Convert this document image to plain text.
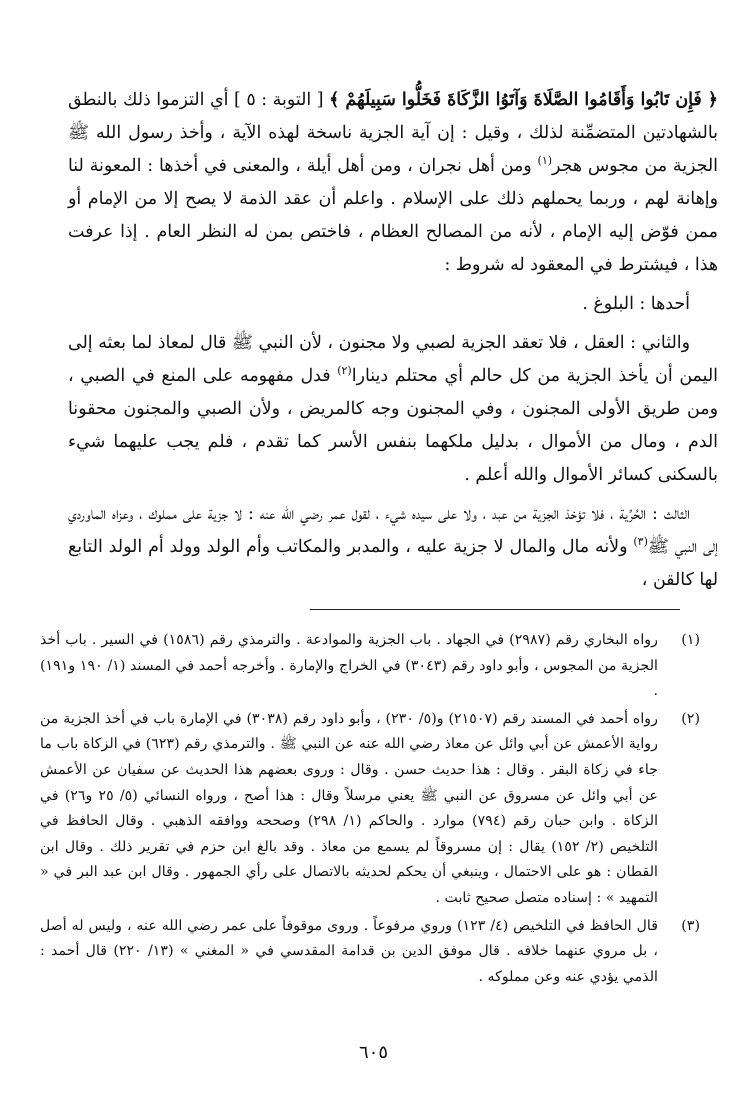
﴿ فَإِن تَابُوا وَأَقَامُوا الصَّلَاةَ وَآتَوُا الزَّكَاةَ فَخَلُّوا سَبِيلَهُمْ ﴾ [ التوبة : ٥ ] أي التزموا ذلك بالنطق بالشهادتين المتضمِّنة لذلك ، وقيل : إن آية الجزية ناسخة لهذه الآية ، وأخذ رسول الله ﷺ الجزية من مجوس هجر$^{(١)}$ ومن أهل نجران ، ومن أهل أيلة ، والمعنى في أخذها : المعونة لنا وإهانة لهم ، وربما يحملهم ذلك على الإسلام . واعلم أن عقد الذمة لا يصح إلا من الإمام أو ممن فوّض إليه الإمام ، لأنه من المصالح العظام ، فاختص بمن له النظر العام . إذا عرفت هذا ، فيشترط في المعقود له شروط :

أحدها : البلوغ .

والثاني : العقل ، فلا تعقد الجزية لصبي ولا مجنون ، لأن النبي ﷺ قال لمعاذ لما بعثه إلى اليمن أن يأخذ الجزية من كل حالم أي محتلم دينارا$^{(٢)}$ فدل مفهومه على المنع في الصبي ، ومن طريق الأولى المجنون ، وفي المجنون وجه كالمريض ، ولأن الصبي والمجنون محقونا الدم ، ومال من الأموال ، بدليل ملكهما بنفس الأسر كما تقدم ، فلم يجب عليهما شيء بالسكنى كسائر الأموال والله أعلم .

الثالث : الحُرِّية ، فلا تؤخذ الجزية من عبد ، ولا على سيده شيء ، لقول عمر رضي الله عنه : لا جزية على مملوك ، وعزاه الماوردي إلى النبي ﷺ$^{(٣)}$ ولأنه مال والمال لا جزية عليه ، والمدبر والمكاتب وأم الولد وولد أم الولد التابع لها كالقن ،

(١)
رواه البخاري رقم (٢٩٨٧) في الجهاد . باب الجزية والموادعة . والترمذي رقم (١٥٨٦) في السير . باب أخذ الجزية من المجوس ، وأبو داود رقم (٣٠٤٣) في الخراج والإمارة . وأخرجه أحمد في المسند (١/ ١٩٠ و١٩١) .
(٢)
رواه أحمد في المسند رقم (٢١٥٠٧) و(٥/ ٢٣٠) ، وأبو داود رقم (٣٠٣٨) في الإمارة باب في أخذ الجزية من رواية الأعمش عن أبي وائل عن معاذ رضي الله عنه عن النبي ﷺ . والترمذي رقم (٦٢٣) في الزكاة باب ما جاء في زكاة البقر . وقال : هذا حديث حسن . وقال : وروى بعضهم هذا الحديث عن سفيان عن الأعمش عن أبي وائل عن مسروق عن النبي ﷺ يعني مرسلاً وقال : هذا أصح ، ورواه النسائي (٥/ ٢٥ و٢٦) في الزكاة . وابن حبان رقم (٧٩٤) موارد . والحاكم (١/ ٢٩٨) وصححه ووافقه الذهبي . وقال الحافظ في التلخيص (٢/ ١٥٢) يقال : إن مسروقاً لم يسمع من معاذ . وقد بالغ ابن حزم في تقرير ذلك . وقال ابن القطان : هو على الاحتمال ، وينبغي أن يحكم لحديثه بالاتصال على رأي الجمهور . وقال ابن عبد البر في « التمهيد » : إسناده متصل صحيح ثابت .
(٣)
قال الحافظ في التلخيص (٤/ ١٢٣) وروي مرفوعاً . وروى موقوفاً على عمر رضي الله عنه ، وليس له أصل ، بل مروي عنهما خلافه . قال موفق الدين بن قدامة المقدسي في « المغني » (١٣/ ٢٢٠) قال أحمد : الذمي يؤدي عنه وعن مملوكه .
٦٠٥
